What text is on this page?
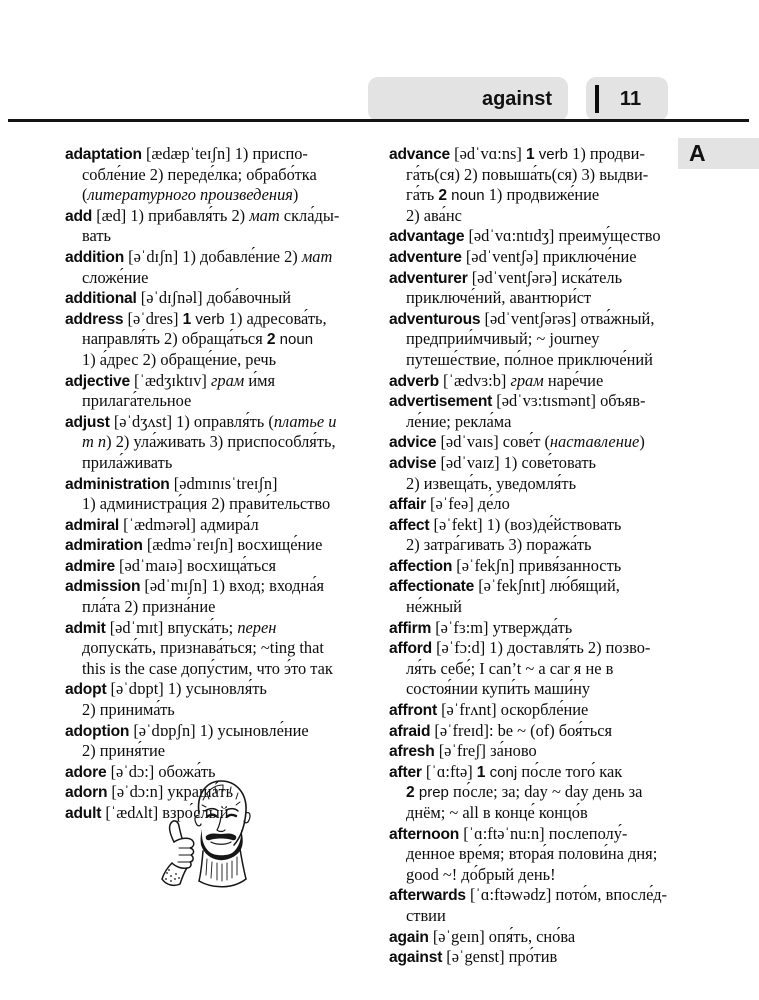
against	11
A
adaptation [ædæpˈteɪʃn] 1) приспо-
собле́ние 2) переде́лка; обрабо́тка
(литературного произведения)
add [æd] 1) прибавля́ть 2) мат скла́ды-
вать
addition [əˈdɪʃn] 1) добавле́ние 2) мат
сложе́ние
additional [əˈdɪʃnəl] доба́вочный
address [əˈdres] 1 verb 1) адресова́ть,
направля́ть 2) обраща́ться 2 noun
1) а́дрес 2) обраще́ние, речь
adjective [ˈædʒɪktɪv] грам и́мя
прилага́тельное
adjust [əˈdʒʌst] 1) оправля́ть (платье и
т п) 2) ула́живать 3) приспособля́ть,
прила́живать
administration [ədmɪnɪsˈtreɪʃn]
1) администра́ция 2) прави́тельство
admiral [ˈædmərəl] адмира́л
admiration [ædməˈreɪʃn] восхище́ние
admire [ədˈmaɪə] восхища́ться
admission [ədˈmɪʃn] 1) вход; входна́я
пла́та 2) призна́ние
admit [ədˈmɪt] впуска́ть; перен
допуска́ть, признава́ться; ~ting that
this is the case допу́стим, что э́то так
adopt [əˈdɒpt] 1) усыновля́ть
2) принима́ть
adoption [əˈdɒpʃn] 1) усыновле́ние
2) приня́тие
adore [əˈdɔ:] обожа́ть
adorn [əˈdɔ:n] украша́ть
adult [ˈædʌlt] взро́слый
advance [ədˈvɑ:ns] 1 verb 1) продви-
га́ть(ся) 2) повыша́ть(ся) 3) выдви-
га́ть 2 noun 1) продвиже́ние
2) ава́нс
advantage [ədˈvɑ:ntɪdʒ] преиму́щество
adventure [ədˈventʃə] приключе́ние
adventurer [ədˈventʃərə] иска́тель
приключе́ний, авантюри́ст
adventurous [ədˈventʃərəs] отва́жный,
предприи́мчивый; ~ journey
путеше́ствие, по́лное приключе́ний
adverb [ˈædvɜ:b] грам наре́чие
advertisement [ədˈvɜ:tɪsmənt] объяв-
ле́ние; рекла́ма
advice [ədˈvaɪs] сове́т (наставление)
advise [ədˈvaɪz] 1) сове́товать
2) извеща́ть, уведомля́ть
affair [əˈfeə] де́ло
affect [əˈfekt] 1) (воз)де́йствовать
2) затра́гивать 3) поража́ть
affection [əˈfekʃn] привя́занность
affectionate [əˈfekʃnɪt] лю́бящий,
не́жный
affirm [əˈfɜ:m] утвержда́ть
afford [əˈfɔ:d] 1) доставля́ть 2) позво-
ля́ть себе́; I can’t ~ a car я не в
состоя́нии купи́ть маши́ну
affront [əˈfrʌnt] оскорбле́ние
afraid [əˈfreɪd]: be ~ (of) боя́ться
afresh [əˈfreʃ] за́ново
after [ˈɑ:ftə] 1 conj по́сле того́ как
2 prep по́сле; за; day ~ day день за
днём; ~ all в конце́ концо́в
afternoon [ˈɑ:ftəˈnu:n] послеполу́-
денное вре́мя; втора́я полови́на дня;
good ~! до́брый день!
afterwards [ˈɑ:ftəwədz] пото́м, впосле́д-
ствии
again [əˈgeɪn] опя́ть, сно́ва
against [əˈgenst] про́тив
